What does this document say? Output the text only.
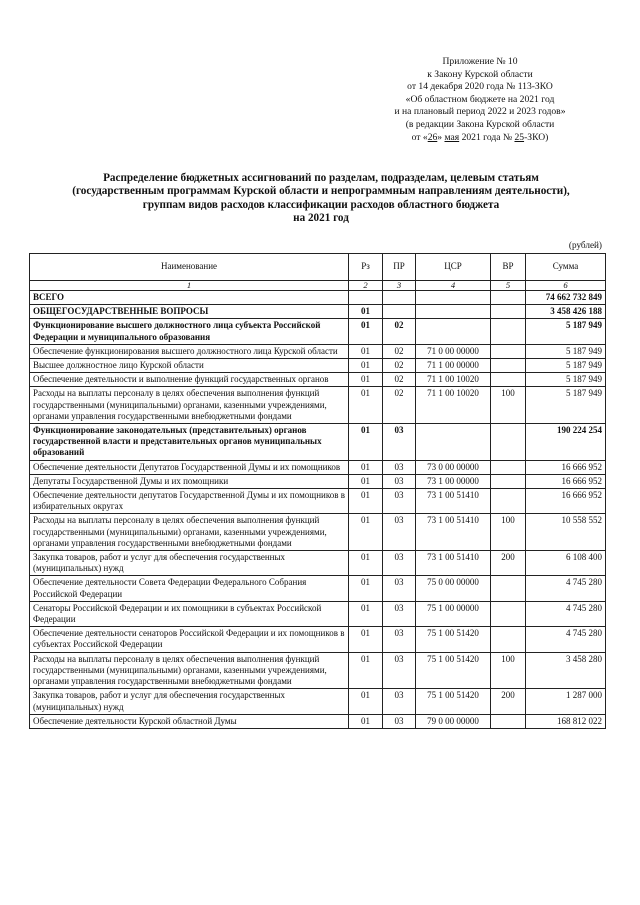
Приложение № 10
к Закону Курской области
от 14 декабря 2020 года № 113-ЗКО
«Об областном бюджете на 2021 год
и на плановый период 2022 и 2023 годов»
(в редакции Закона Курской области
от «26» мая 2021 года № 25-ЗКО)
Распределение бюджетных ассигнований по разделам, подразделам, целевым статьям
(государственным программам Курской области и непрограммным направлениям деятельности),
группам видов расходов классификации расходов областного бюджета
на 2021 год
(рублей)
Наименование	Рз	ПР	ЦСР	ВР	Сумма
1	2	3	4	5	6
ВСЕГО					74 662 732 849
ОБЩЕГОСУДАРСТВЕННЫЕ ВОПРОСЫ	01				3 458 426 188
Функционирование высшего должностного лица субъекта Российской Федерации и муниципального образования	01	02			5 187 949
Обеспечение функционирования высшего должностного лица Курской области	01	02	71 0 00 00000		5 187 949
Высшее должностное лицо Курской области	01	02	71 1 00 00000		5 187 949
Обеспечение деятельности и выполнение функций государственных органов	01	02	71 1 00 10020		5 187 949
Расходы на выплаты персоналу в целях обеспечения выполнения функций государственными (муниципальными) органами, казенными учреждениями, органами управления государственными внебюджетными фондами	01	02	71 1 00 10020	100	5 187 949
Функционирование законодательных (представительных) органов государственной власти и представительных органов муниципальных образований	01	03			190 224 254
Обеспечение деятельности Депутатов Государственной Думы и их помощников	01	03	73 0 00 00000		16 666 952
Депутаты Государственной Думы и их помощники	01	03	73 1 00 00000		16 666 952
Обеспечение деятельности депутатов Государственной Думы и их помощников в избирательных округах	01	03	73 1 00 51410		16 666 952
Расходы на выплаты персоналу в целях обеспечения выполнения функций государственными (муниципальными) органами, казенными учреждениями, органами управления государственными внебюджетными фондами	01	03	73 1 00 51410	100	10 558 552
Закупка товаров, работ и услуг для обеспечения государственных (муниципальных) нужд	01	03	73 1 00 51410	200	6 108 400
Обеспечение деятельности Совета Федерации Федерального Собрания Российской Федерации	01	03	75 0 00 00000		4 745 280
Сенаторы Российской Федерации и их помощники в субъектах Российской Федерации	01	03	75 1 00 00000		4 745 280
Обеспечение деятельности сенаторов Российской Федерации и их помощников в субъектах Российской Федерации	01	03	75 1 00 51420		4 745 280
Расходы на выплаты персоналу в целях обеспечения выполнения функций государственными (муниципальными) органами, казенными учреждениями, органами управления государственными внебюджетными фондами	01	03	75 1 00 51420	100	3 458 280
Закупка товаров, работ и услуг для обеспечения государственных (муниципальных) нужд	01	03	75 1 00 51420	200	1 287 000
Обеспечение деятельности Курской областной Думы	01	03	79 0 00 00000		168 812 022
